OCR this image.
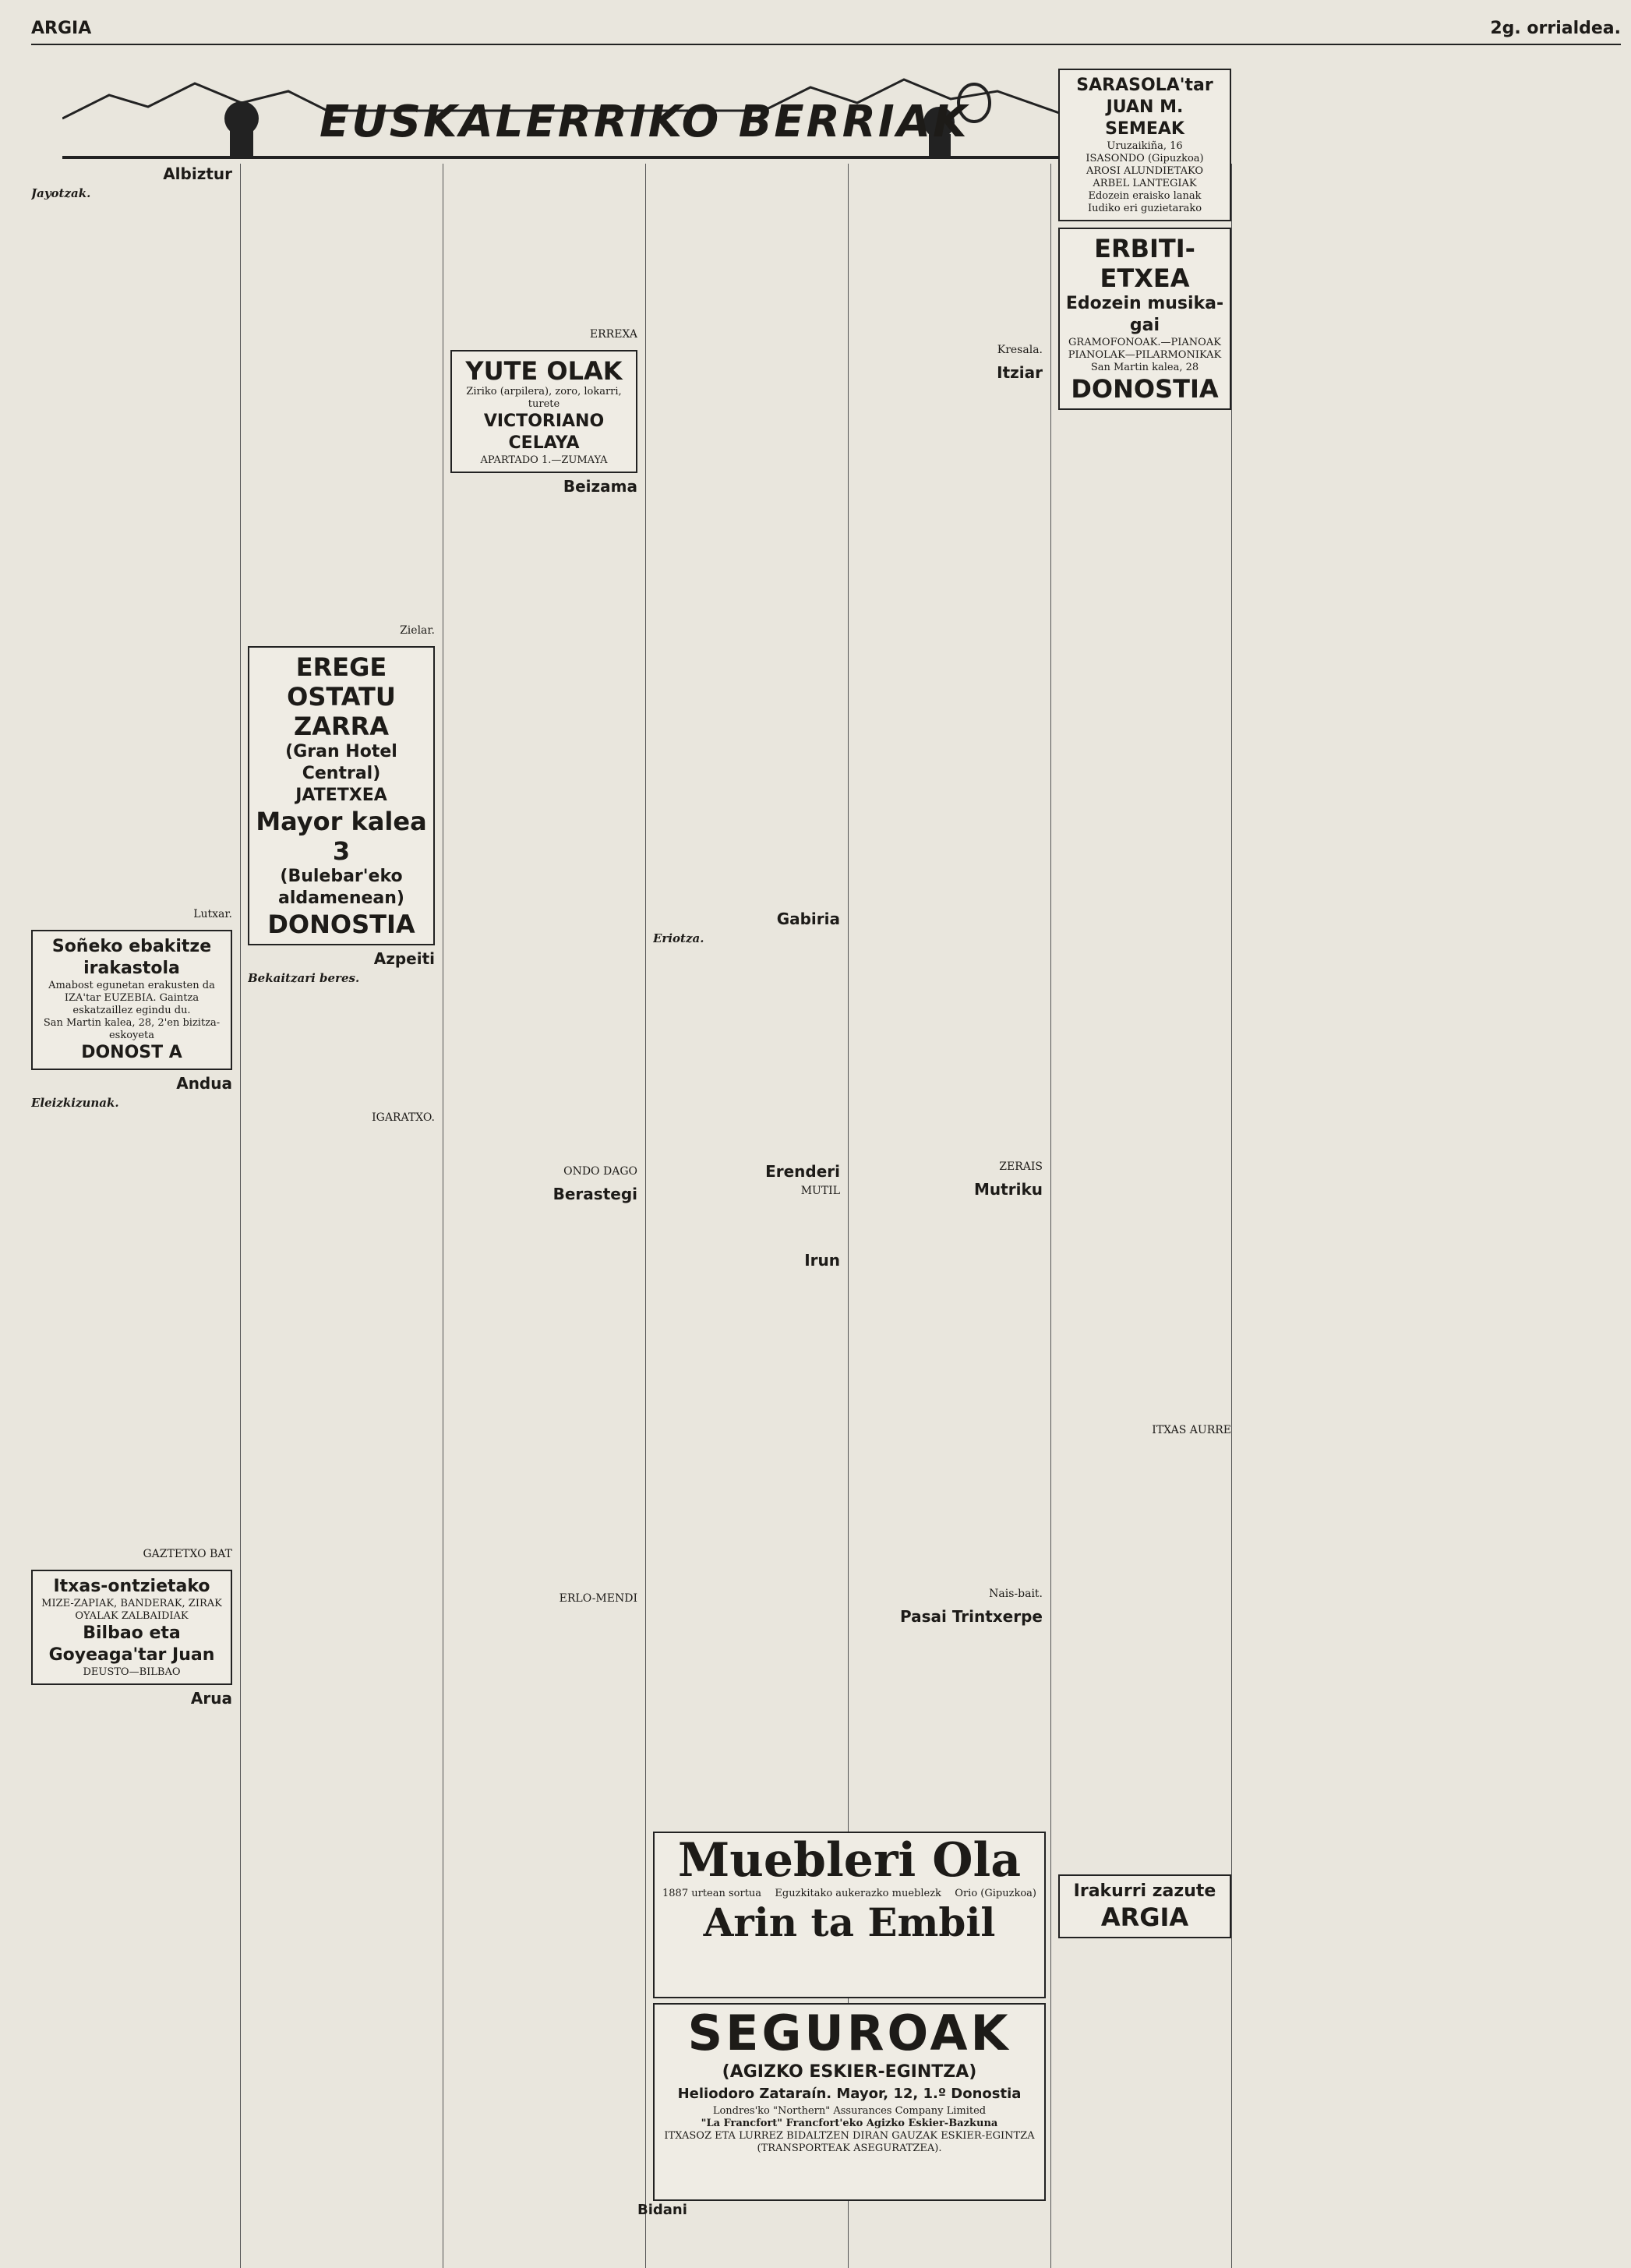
ARGIA	2g. orrialdea.
EUSKALERRIKO BERRIAK
Albiztur
Jayotzak.

Lutxar.
Soñeko ebakitze irakastola
Amabost egunetan erakusten da IZA'tar EUZEBIA. Gaintza eskatzaillez egindu du.
San Martin kalea, 28, 2'en bizitza-eskoyeta
DONOST A
Andua
Eleizkizunak.
GAZTETXO BAT
Itxas-ontzietako
MIZE-ZAPIAK, BANDERAK, ZIRAK
OYALAK ZALBAIDIAK
Bilbao eta Goyeaga'tar Juan
DEUSTO—BILBAO
Arua
Zielar.
EREGE OSTATU ZARRA
(Gran Hotel Central)
JATETXEA
Mayor kalea 3
(Bulebar'eko aldamenean)
DONOSTIA
Azpeiti
Bekaitzari beres.
IGARATXO.
ERREXA
YUTE OLAK
Ziriko (arpilera), zoro, lokarri, turete
VICTORIANO CELAYA
APARTADO 1.—ZUMAYA
Beizama
ONDO DAGO
Berastegi
ERLO-MENDI
Gabiria
Eriotza.
Erenderi
MUTIL
Irun
Kresala.
Itziar
ZERAIS
Mutriku
Nais-bait.
Pasai Trintxerpe
SARASOLA'tar JUAN M. SEMEAK
Uruzaikiña, 16
ISASONDO (Gipuzkoa)
AROSI ALUNDIETAKO
ARBEL LANTEGIAK
Edozein eraisko lanak
Iudiko eri guzietarako
ERBITI-ETXEA
Edozein musika-gai
GRAMOFONOAK.—PIANOAK
PIANOLAK—PILARMONIKAK
San Martin kalea, 28
DONOSTIA
ITXAS AURRE
Irakurri zazute
ARGIA
Muebleri Ola
1887 urtean sortua Eguzkitako aukerazko mueblezk Orio (Gipuzkoa)
Arin ta Embil
SEGUROAK
(AGIZKO ESKIER-EGINTZA)
Heliodoro Zataraín. Mayor, 12, 1.º Donostia
Londres'ko "Northern" Assurances Company Limited
"La Francfort" Francfort'eko Agizko Eskier-Bazkuna
ITXASOZ ETA LURREZ BIDALTZEN DIRAN GAUZAK ESKIER-EGINTZA (TRANSPORTEAK ASEGURATZEA).
Bidani
